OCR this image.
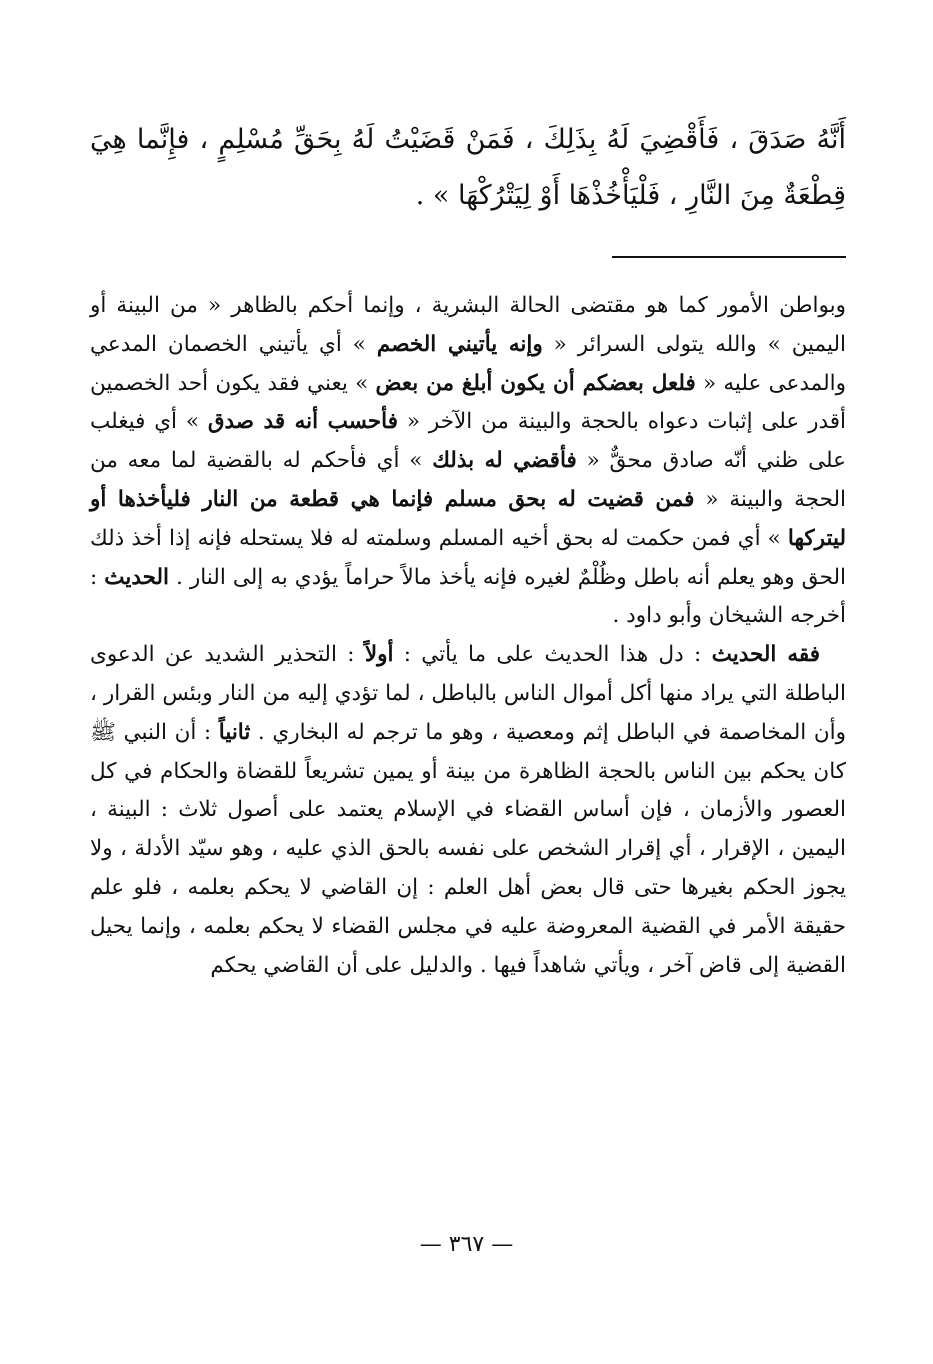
أَنَّهُ صَدَقَ ، فَأَقْضِيَ لَهُ بِذَلِكَ ، فَمَنْ قَضَيْتُ لَهُ بِحَقِّ مُسْلِمٍ ، فإِنَّما هِيَ قِطْعَةٌ مِنَ النَّارِ ، فَلْيَأْخُذْهَا أَوْ لِيَتْرُكْهَا » .

وبواطن الأمور كما هو مقتضى الحالة البشرية ، وإنما أحكم بالظاهر « من البينة أو اليمين » والله يتولى السرائر « وإنه يأتيني الخصم » أي يأتيني الخصمان المدعي والمدعى عليه « فلعل بعضكم أن يكون أبلغ من بعض » يعني فقد يكون أحد الخصمين أقدر على إثبات دعواه بالحجة والبينة من الآخر « فأحسب أنه قد صدق » أي فيغلب على ظني أنّه صادق محقٌّ « فأقضي له بذلك » أي فأحكم له بالقضية لما معه من الحجة والبينة « فمن قضيت له بحق مسلم فإنما هي قطعة من النار فليأخذها أو ليتركها » أي فمن حكمت له بحق أخيه المسلم وسلمته له فلا يستحله فإنه إذا أخذ ذلك الحق وهو يعلم أنه باطل وظُلْمٌ لغيره فإنه يأخذ مالاً حراماً يؤدي به إلى النار . الحديث : أخرجه الشيخان وأبو داود .

فقه الحديث : دل هذا الحديث على ما يأتي : أولاً : التحذير الشديد عن الدعوى الباطلة التي يراد منها أكل أموال الناس بالباطل ، لما تؤدي إليه من النار وبئس القرار ، وأن المخاصمة في الباطل إثم ومعصية ، وهو ما ترجم له البخاري . ثانياً : أن النبي ﷺ كان يحكم بين الناس بالحجة الظاهرة من بينة أو يمين تشريعاً للقضاة والحكام في كل العصور والأزمان ، فإن أساس القضاء في الإسلام يعتمد على أصول ثلاث : البينة ، اليمين ، الإقرار ، أي إقرار الشخص على نفسه بالحق الذي عليه ، وهو سيّد الأدلة ، ولا يجوز الحكم بغيرها حتى قال بعض أهل العلم : إن القاضي لا يحكم بعلمه ، فلو علم حقيقة الأمر في القضية المعروضة عليه في مجلس القضاء لا يحكم بعلمه ، وإنما يحيل القضية إلى قاض آخر ، ويأتي شاهداً فيها . والدليل على أن القاضي يحكم

— ٣٦٧ —
